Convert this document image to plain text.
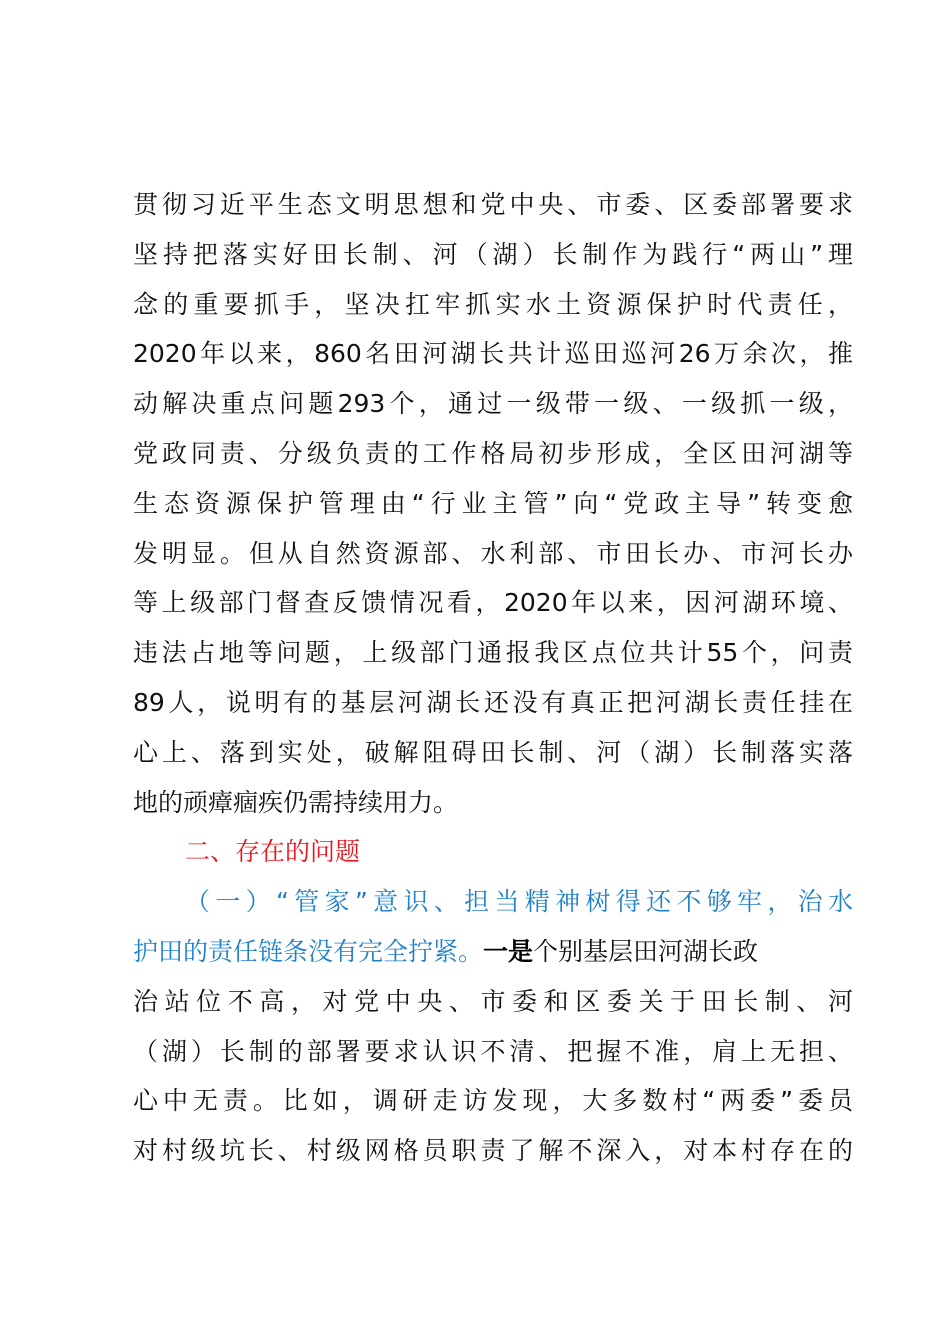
贯彻习近平生态文明思想和党中央、市委、区委部署要求
坚持把落实好田长制、河（湖）长制作为践行“两山”理
念的重要抓手，坚决扛牢抓实水土资源保护时代责任，
2020年以来，860名田河湖长共计巡田巡河26万余次，推
动解决重点问题293个，通过一级带一级、一级抓一级，
党政同责、分级负责的工作格局初步形成，全区田河湖等
生态资源保护管理由“行业主管”向“党政主导”转变愈
发明显。但从自然资源部、水利部、市田长办、市河长办
等上级部门督查反馈情况看，2020年以来，因河湖环境、
违法占地等问题，上级部门通报我区点位共计55个，问责
89人，说明有的基层河湖长还没有真正把河湖长责任挂在
心上、落到实处，破解阻碍田长制、河（湖）长制落实落
地的顽瘴痼疾仍需持续用力。
二、存在的问题
（一）“管家”意识、担当精神树得还不够牢，治水
护田的责任链条没有完全拧紧。一是个别基层田河湖长政
治站位不高，对党中央、市委和区委关于田长制、河
（湖）长制的部署要求认识不清、把握不准，肩上无担、
心中无责。比如，调研走访发现，大多数村“两委”委员
对村级坑长、村级网格员职责了解不深入，对本村存在的
